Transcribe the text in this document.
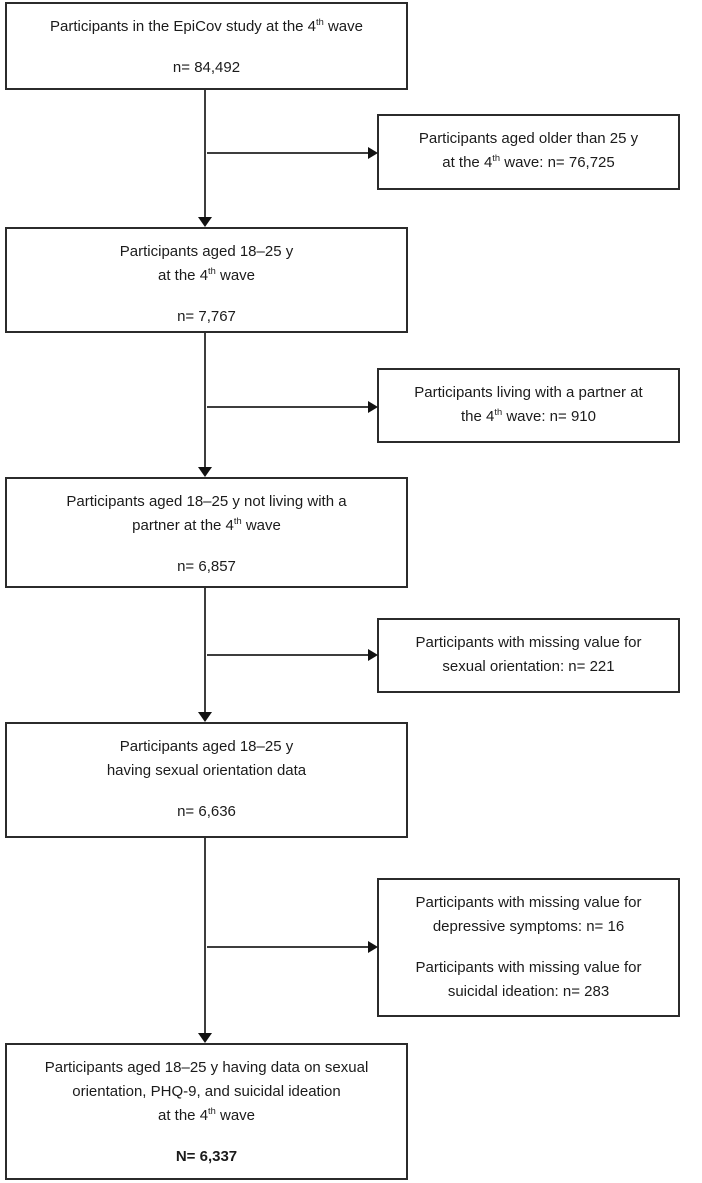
Participants in the EpiCov study at the 4th wave
n= 84,492
Participants aged 18–25 y
at the 4th wave
n= 7,767
Participants aged 18–25 y not living with a
partner at the 4th wave
n= 6,857
Participants aged 18–25 y
having sexual orientation data
n= 6,636
Participants aged 18–25 y having data on sexual
orientation, PHQ-9, and suicidal ideation
at the 4th wave
N= 6,337
Participants aged older than 25 y
at the 4th wave: n= 76,725
Participants living with a partner at
the 4th wave: n= 910
Participants with missing value for
sexual orientation: n= 221
Participants with missing value for
depressive symptoms: n= 16
Participants with missing value for
suicidal ideation: n= 283
